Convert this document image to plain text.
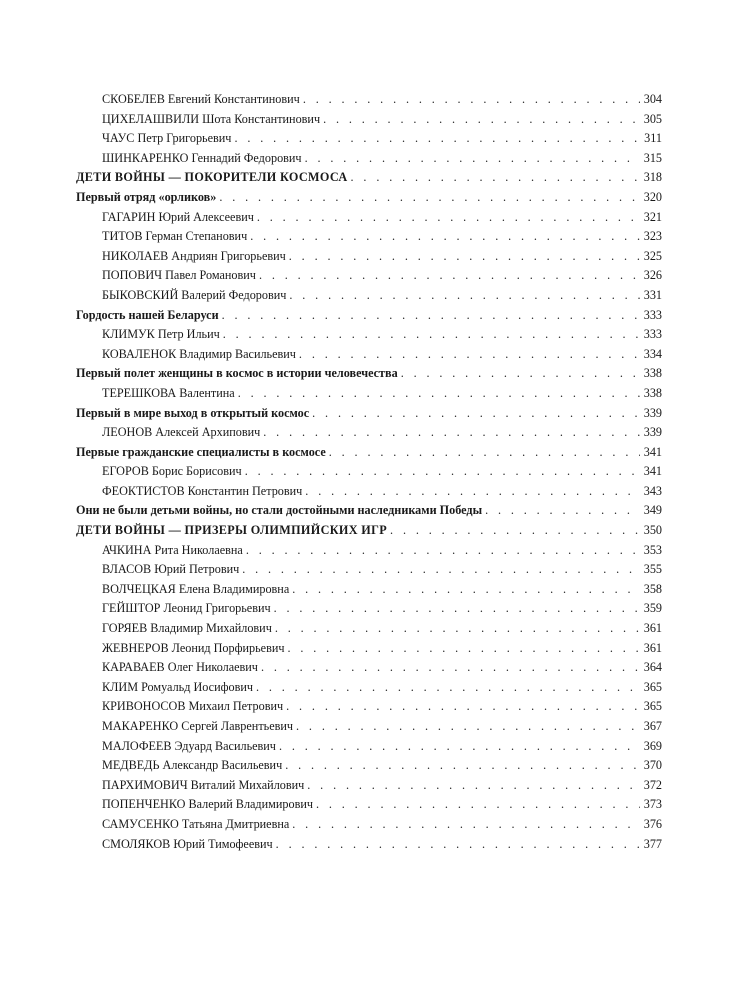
СКОБЕЛЕВ Евгений Константинович . . .	304
ЦИХЕЛАШВИЛИ Шота Константинович . . .	305
ЧАУС Петр Григорьевич . . .	311
ШИНКАРЕНКО Геннадий Федорович . . .	315
ДЕТИ ВОЙНЫ — ПОКОРИТЕЛИ КОСМОСА . . .	318
Первый отряд «орликов» . . .	320
ГАГАРИН Юрий Алексеевич . . .	321
ТИТОВ Герман Степанович . . .	323
НИКОЛАЕВ Андриян Григорьевич . . .	325
ПОПОВИЧ Павел Романович . . .	326
БЫКОВСКИЙ Валерий Федорович . . .	331
Гордость нашей Беларуси . . .	333
КЛИМУК Петр Ильич . . .	333
КОВАЛЕНОК Владимир Васильевич . . .	334
Первый полет женщины в космос в истории человечества . . .	338
ТЕРЕШКОВА Валентина . . .	338
Первый в мире выход в открытый космос . . .	339
ЛЕОНОВ Алексей Архипович . . .	339
Первые гражданские специалисты в космосе . . .	341
ЕГОРОВ Борис Борисович . . .	341
ФЕОКТИСТОВ Константин Петрович . . .	343
Они не были детьми войны, но стали достойными наследниками Победы . . .	349
ДЕТИ ВОЙНЫ — ПРИЗЕРЫ ОЛИМПИЙСКИХ ИГР . . .	350
АЧКИНА Рита Николаевна . . .	353
ВЛАСОВ Юрий Петрович . . .	355
ВОЛЧЕЦКАЯ Елена Владимировна . . .	358
ГЕЙШТОР Леонид Григорьевич . . .	359
ГОРЯЕВ Владимир Михайлович . . .	361
ЖЕВНЕРОВ Леонид Порфирьевич . . .	361
КАРАВАЕВ Олег Николаевич . . .	364
КЛИМ Ромуальд Иосифович . . .	365
КРИВОНОСОВ Михаил Петрович . . .	365
МАКАРЕНКО Сергей Лаврентьевич . . .	367
МАЛОФЕЕВ Эдуард Васильевич . . .	369
МЕДВЕДЬ Александр Васильевич . . .	370
ПАРХИМОВИЧ Виталий Михайлович . . .	372
ПОПЕНЧЕНКО Валерий Владимирович . . .	373
САМУСЕНКО Татьяна Дмитриевна . . .	376
СМОЛЯКОВ Юрий Тимофеевич . . .	377
